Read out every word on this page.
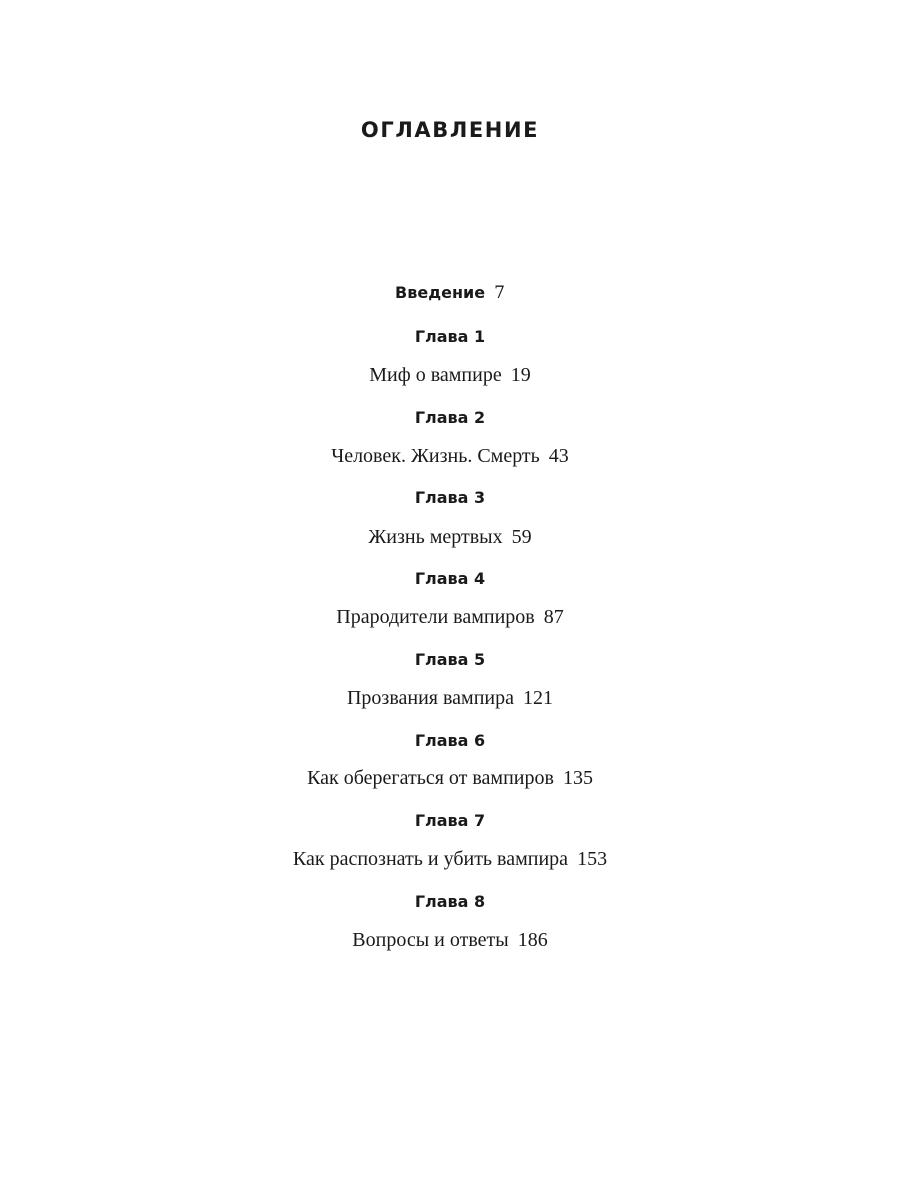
ОГЛАВЛЕНИЕ
Введение 7
Глава 1
Миф о вампире 19
Глава 2
Человек. Жизнь. Смерть 43
Глава 3
Жизнь мертвых 59
Глава 4
Прародители вампиров 87
Глава 5
Прозвания вампира 121
Глава 6
Как оберегаться от вампиров 135
Глава 7
Как распознать и убить вампира 153
Глава 8
Вопросы и ответы 186
